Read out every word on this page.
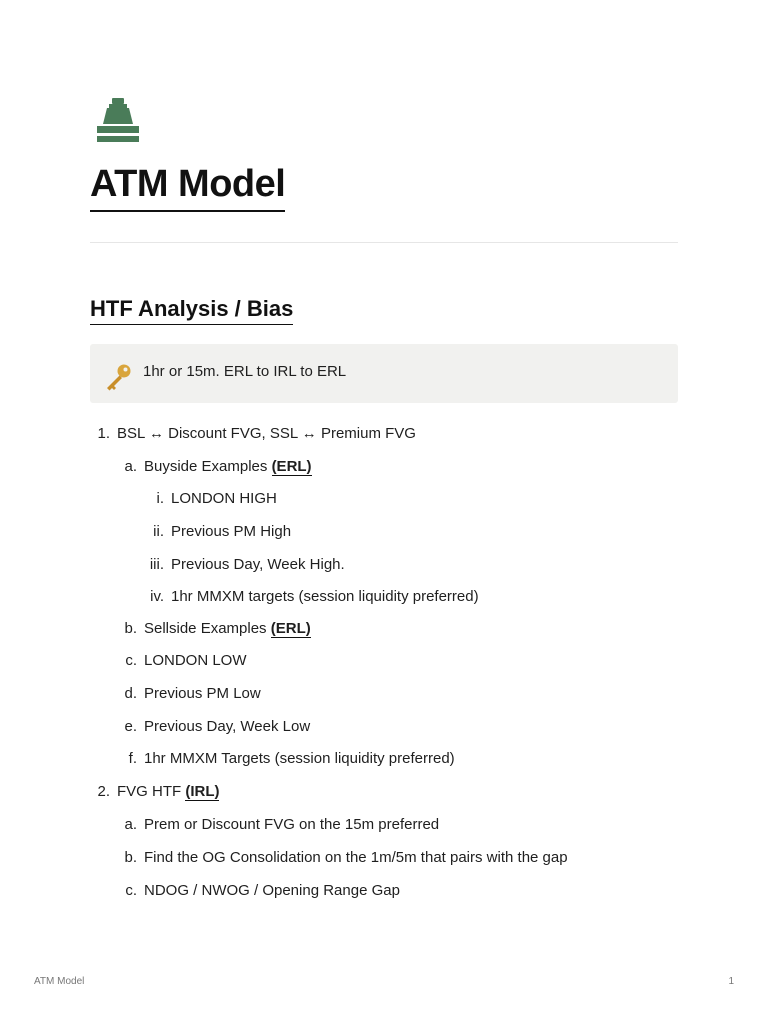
ATM Model
HTF Analysis / Bias
1hr or 15m. ERL to IRL to ERL
1. BSL ↔ Discount FVG, SSL ↔ Premium FVG
a. Buyside Examples (ERL)
i. LONDON HIGH
ii. Previous PM High
iii. Previous Day, Week High.
iv. 1hr MMXM targets (session liquidity preferred)
b. Sellside Examples (ERL)
c. LONDON LOW
d. Previous PM Low
e. Previous Day, Week Low
f. 1hr MMXM Targets (session liquidity preferred)
2. FVG HTF (IRL)
a. Prem or Discount FVG on the 15m preferred
b. Find the OG Consolidation on the 1m/5m that pairs with the gap
c. NDOG / NWOG / Opening Range Gap
ATM Model	1
